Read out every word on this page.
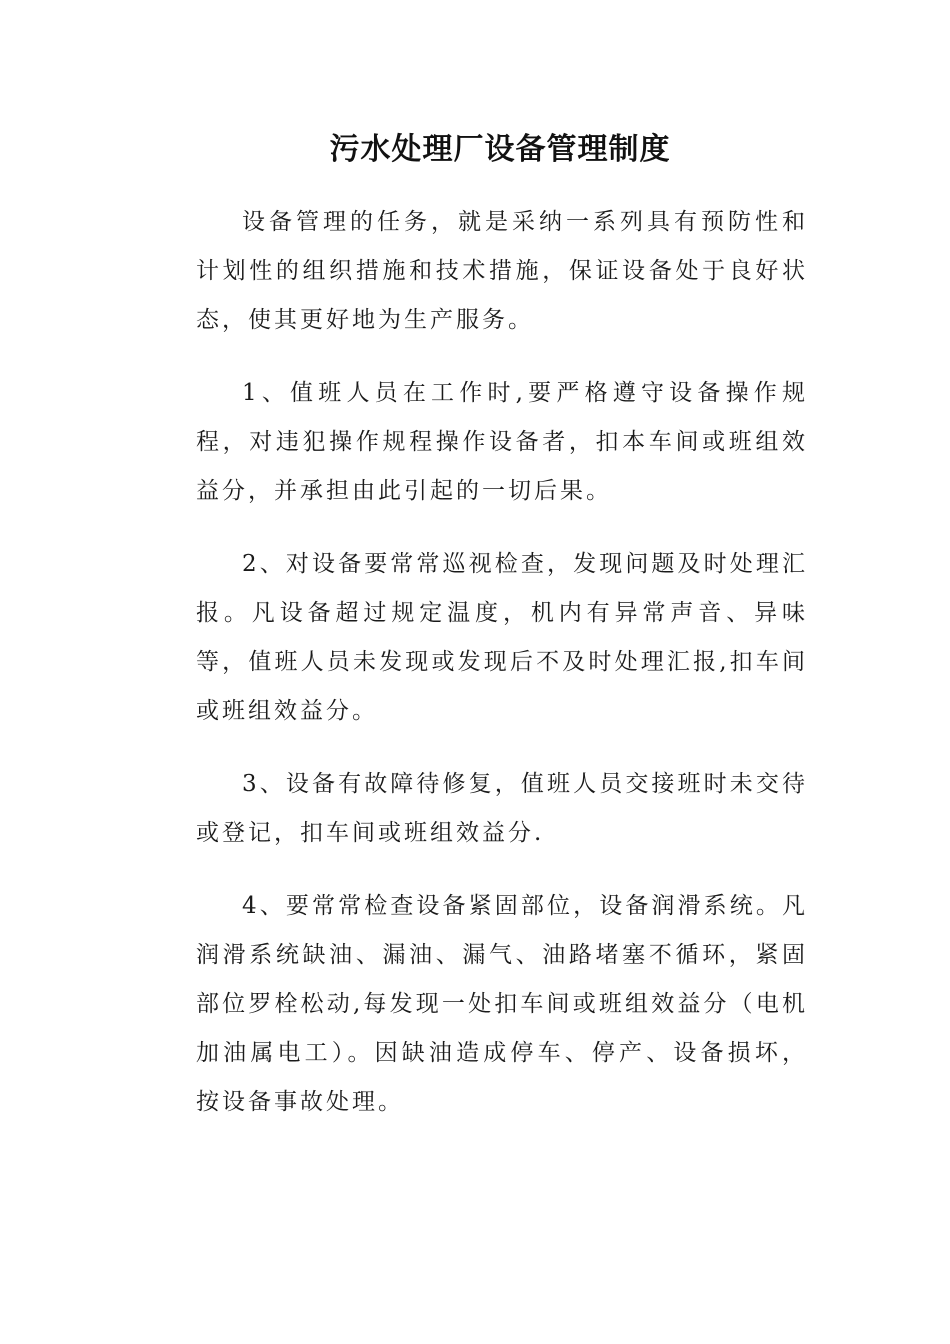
污水处理厂设备管理制度

设备管理的任务，就是采纳一系列具有预防性和计划性的组织措施和技术措施，保证设备处于良好状态，使其更好地为生产服务。

1、值班人员在工作时,要严格遵守设备操作规程，对违犯操作规程操作设备者，扣本车间或班组效益分，并承担由此引起的一切后果。

2、对设备要常常巡视检查，发现问题及时处理汇报。凡设备超过规定温度，机内有异常声音、异味等，值班人员未发现或发现后不及时处理汇报,扣车间或班组效益分。

3、设备有故障待修复，值班人员交接班时未交待或登记，扣车间或班组效益分.

4、要常常检查设备紧固部位，设备润滑系统。凡润滑系统缺油、漏油、漏气、油路堵塞不循环，紧固部位罗栓松动,每发现一处扣车间或班组效益分（电机加油属电工）。因缺油造成停车、停产、设备损坏，按设备事故处理。
